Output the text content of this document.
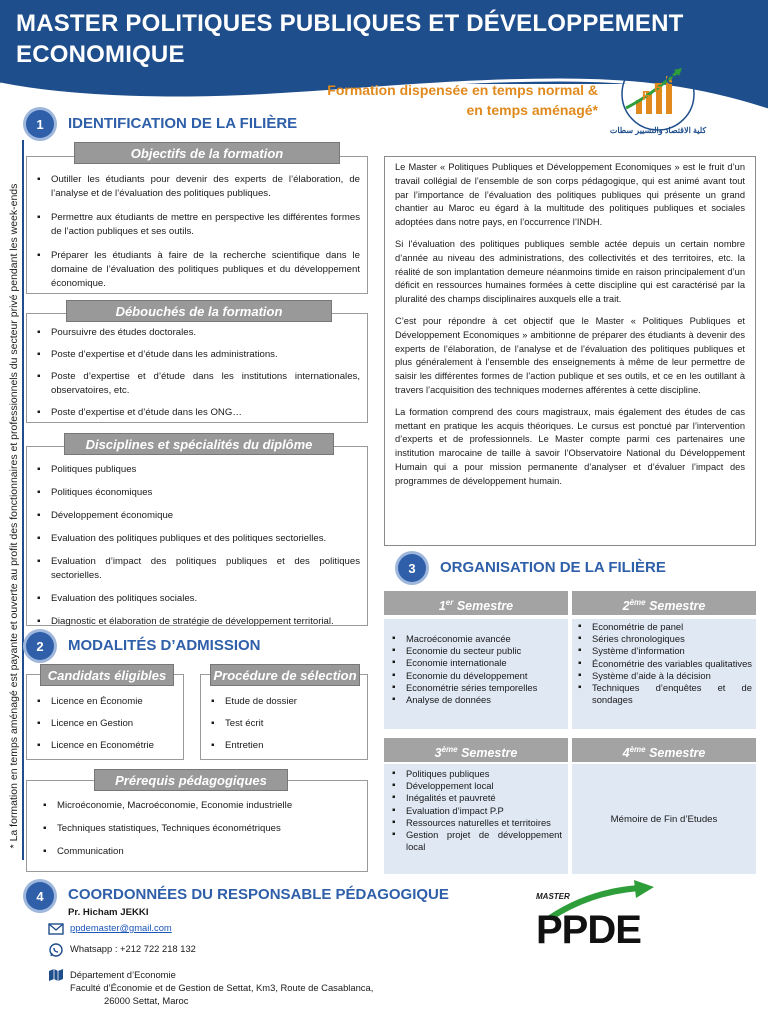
MASTER POLITIQUES PUBLIQUES ET DÉVELOPPEMENT ECONOMIQUE
Formation dispensée en temps normal &
en temps aménagé*
F
E
G
كلية الاقتصاد والتسيير سطات
* La formation en temps aménagé est payante et ouverte au profit des fonctionnaires et professionnels du secteur privé pendant les week-ends
1	IDENTIFICATION DE LA FILIÈRE
▪ Outiller les étudiants pour devenir des experts de l’élaboration, de l’analyse et de l’évaluation des politiques publiques.
▪ Permettre aux étudiants de mettre en perspective les différentes formes de l’action publiques et ses outils.
▪ Préparer les étudiants à faire de la recherche scientifique dans le domaine de l’évaluation des politiques publiques et du développement économique.
Objectifs de la formation
▪ Poursuivre des études doctorales.
▪ Poste d’expertise et d’étude dans les administrations.
▪ Poste d’expertise et d’étude dans les institutions internationales, observatoires, etc.
▪ Poste d’expertise et d’étude dans les ONG…
Débouchés de la formation
▪ Politiques publiques
▪ Politiques économiques
▪ Développement économique
▪ Evaluation des politiques publiques et des politiques sectorielles.
▪ Evaluation d’impact des politiques publiques et des politiques sectorielles.
▪ Evaluation des politiques sociales.
▪ Diagnostic et élaboration de stratégie de développement territorial.
Disciplines et spécialités du diplôme

Le Master « Politiques Publiques et Développement Economiques » est le fruit d’un travail collégial de l’ensemble de son corps pédagogique, qui est animé avant tout par l’importance de l’évaluation des politiques publiques qui présente un grand chantier au Maroc eu égard à la multitude des politiques publiques et sociales adoptées dans notre pays, en l’occurrence l’INDH.

Si l’évaluation des politiques publiques semble actée depuis un certain nombre d’année au niveau des administrations, des collectivités et des territoires, etc. la réalité de son implantation demeure néanmoins timide en raison principalement d’un déficit en ressources humaines formées à cette discipline qui est caractérisé par la pluralité des champs disciplinaires auxquels elle a trait.

C’est pour répondre à cet objectif que le Master « Politiques Publiques et Développement Economiques » ambitionne de préparer des étudiants à devenir des experts de l’élaboration, de l’analyse et de l’évaluation des politiques publiques et plus généralement à l’ensemble des enseignements à même de leur permettre de saisir les différentes formes de l’action publique et ses outils, et ce en les outillant à travers l’acquisition des techniques modernes afférentes à cette discipline.

La formation comprend des cours magistraux, mais également des études de cas mettant en pratique les acquis théoriques. Le cursus est ponctué par l’intervention d’experts et de professionnels. Le Master compte parmi ces partenaires une institution marocaine de taille à savoir l’Observatoire National du Développement Humain qui a pour mission permanente d’analyser et d’évaluer l’impact des programmes de développement humain.

2	MODALITÉS D’ADMISSION
▪ Licence en Économie
▪ Licence en Gestion
▪ Licence en Econométrie
Candidats éligibles
▪ Etude de dossier
▪ Test écrit
▪ Entretien
Procédure de sélection
▪ Microéconomie, Macroéconomie, Economie industrielle
▪ Techniques statistiques, Techniques économétriques
▪ Communication
Prérequis pédagogiques
3	ORGANISATION DE LA FILIÈRE
1er Semestre
▪ Macroéconomie avancée
▪ Economie du secteur public
▪ Economie internationale
▪ Economie du développement
▪ Econométrie séries temporelles
▪ Analyse de données
2ème Semestre
▪ Econométrie de panel
▪ Séries chronologiques
▪ Système d’information
▪ Économétrie des variables qualitatives
▪ Système d’aide à la décision
▪ Techniques d’enquêtes et de sondages
3ème Semestre
▪ Politiques publiques
▪ Développement local
▪ Inégalités et pauvreté
▪ Evaluation d’impact P.P
▪ Ressources naturelles et territoires
▪ Gestion projet de développement local
4ème Semestre
Mémoire de Fin d’Etudes
4	COORDONNÉES DU RESPONSABLE PÉDAGOGIQUE
Pr. Hicham JEKKI
ppdemaster@gmail.com
Whatsapp : +212 722 218 132
Département d’Economie
Faculté d’Économie et de Gestion de Settat, Km3, Route de Casablanca,
26000 Settat, Maroc
MASTER
PPDE
